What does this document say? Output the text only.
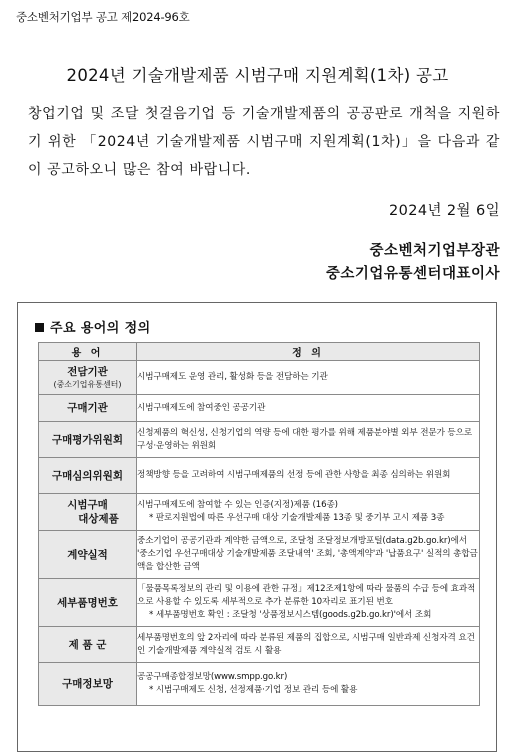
중소벤처기업부 공고 제2024-96호
2024년 기술개발제품 시범구매 지원계획(1차) 공고
창업기업 및 조달 첫걸음기업 등 기술개발제품의 공공판로 개척을 지원하기 위한 「2024년 기술개발제품 시범구매 지원계획(1차)」을 다음과 같이 공고하오니 많은 참여 바랍니다.
2024년 2월 6일
중소벤처기업부장관
중소기업유통센터대표이사
주요 용어의 정의
용 어	정 의
전담기관
(중소기업유통센터)	시범구매제도 운영 관리, 활성화 등을 전담하는 기관
구매기관	시범구매제도에 참여중인 공공기관
구매평가위원회	신청제품의 혁신성, 신청기업의 역량 등에 대한 평가를 위해 제품분야별 외부 전문가 등으로 구성·운영하는 위원회
구매심의위원회	정책방향 등을 고려하여 시범구매제품의 선정 등에 관한 사항을 최종 심의하는 위원회

시범구매
대상제품	시범구매제도에 참여할 수 있는 인증(지정)제품 (16종)
* 판로지원법에 따른 우선구매 대상 기술개발제품 13종 및 중기부 고시 제품 3종

계약실적	중소기업이 공공기관과 계약한 금액으로, 조달청 조달정보개방포털(data.g2b.go.kr)에서 '중소기업 우선구매대상 기술개발제품 조달내역' 조회, '총액계약'과 '납품요구' 실적의 총합금액을 합산한 금액
세부품명번호	「물품목록정보의 관리 및 이용에 관한 규정」제12조제1항에 따라 물품의 수급 등에 효과적으로 사용할 수 있도록 세부적으로 추가 분류한 10자리로 표기된 번호
* 세부품명번호 확인 : 조달청 '상품정보시스템(goods.g2b.go.kr)'에서 조회

제 품 군	세부품명번호의 앞 2자리에 따라 분류된 제품의 집합으로, 시범구매 일반과제 신청자격 요건인 기술개발제품 계약실적 검토 시 활용
구매정보망	공공구매종합정보망(www.smpp.go.kr)
* 시범구매제도 신청, 선정제품·기업 정보 관리 등에 활용
